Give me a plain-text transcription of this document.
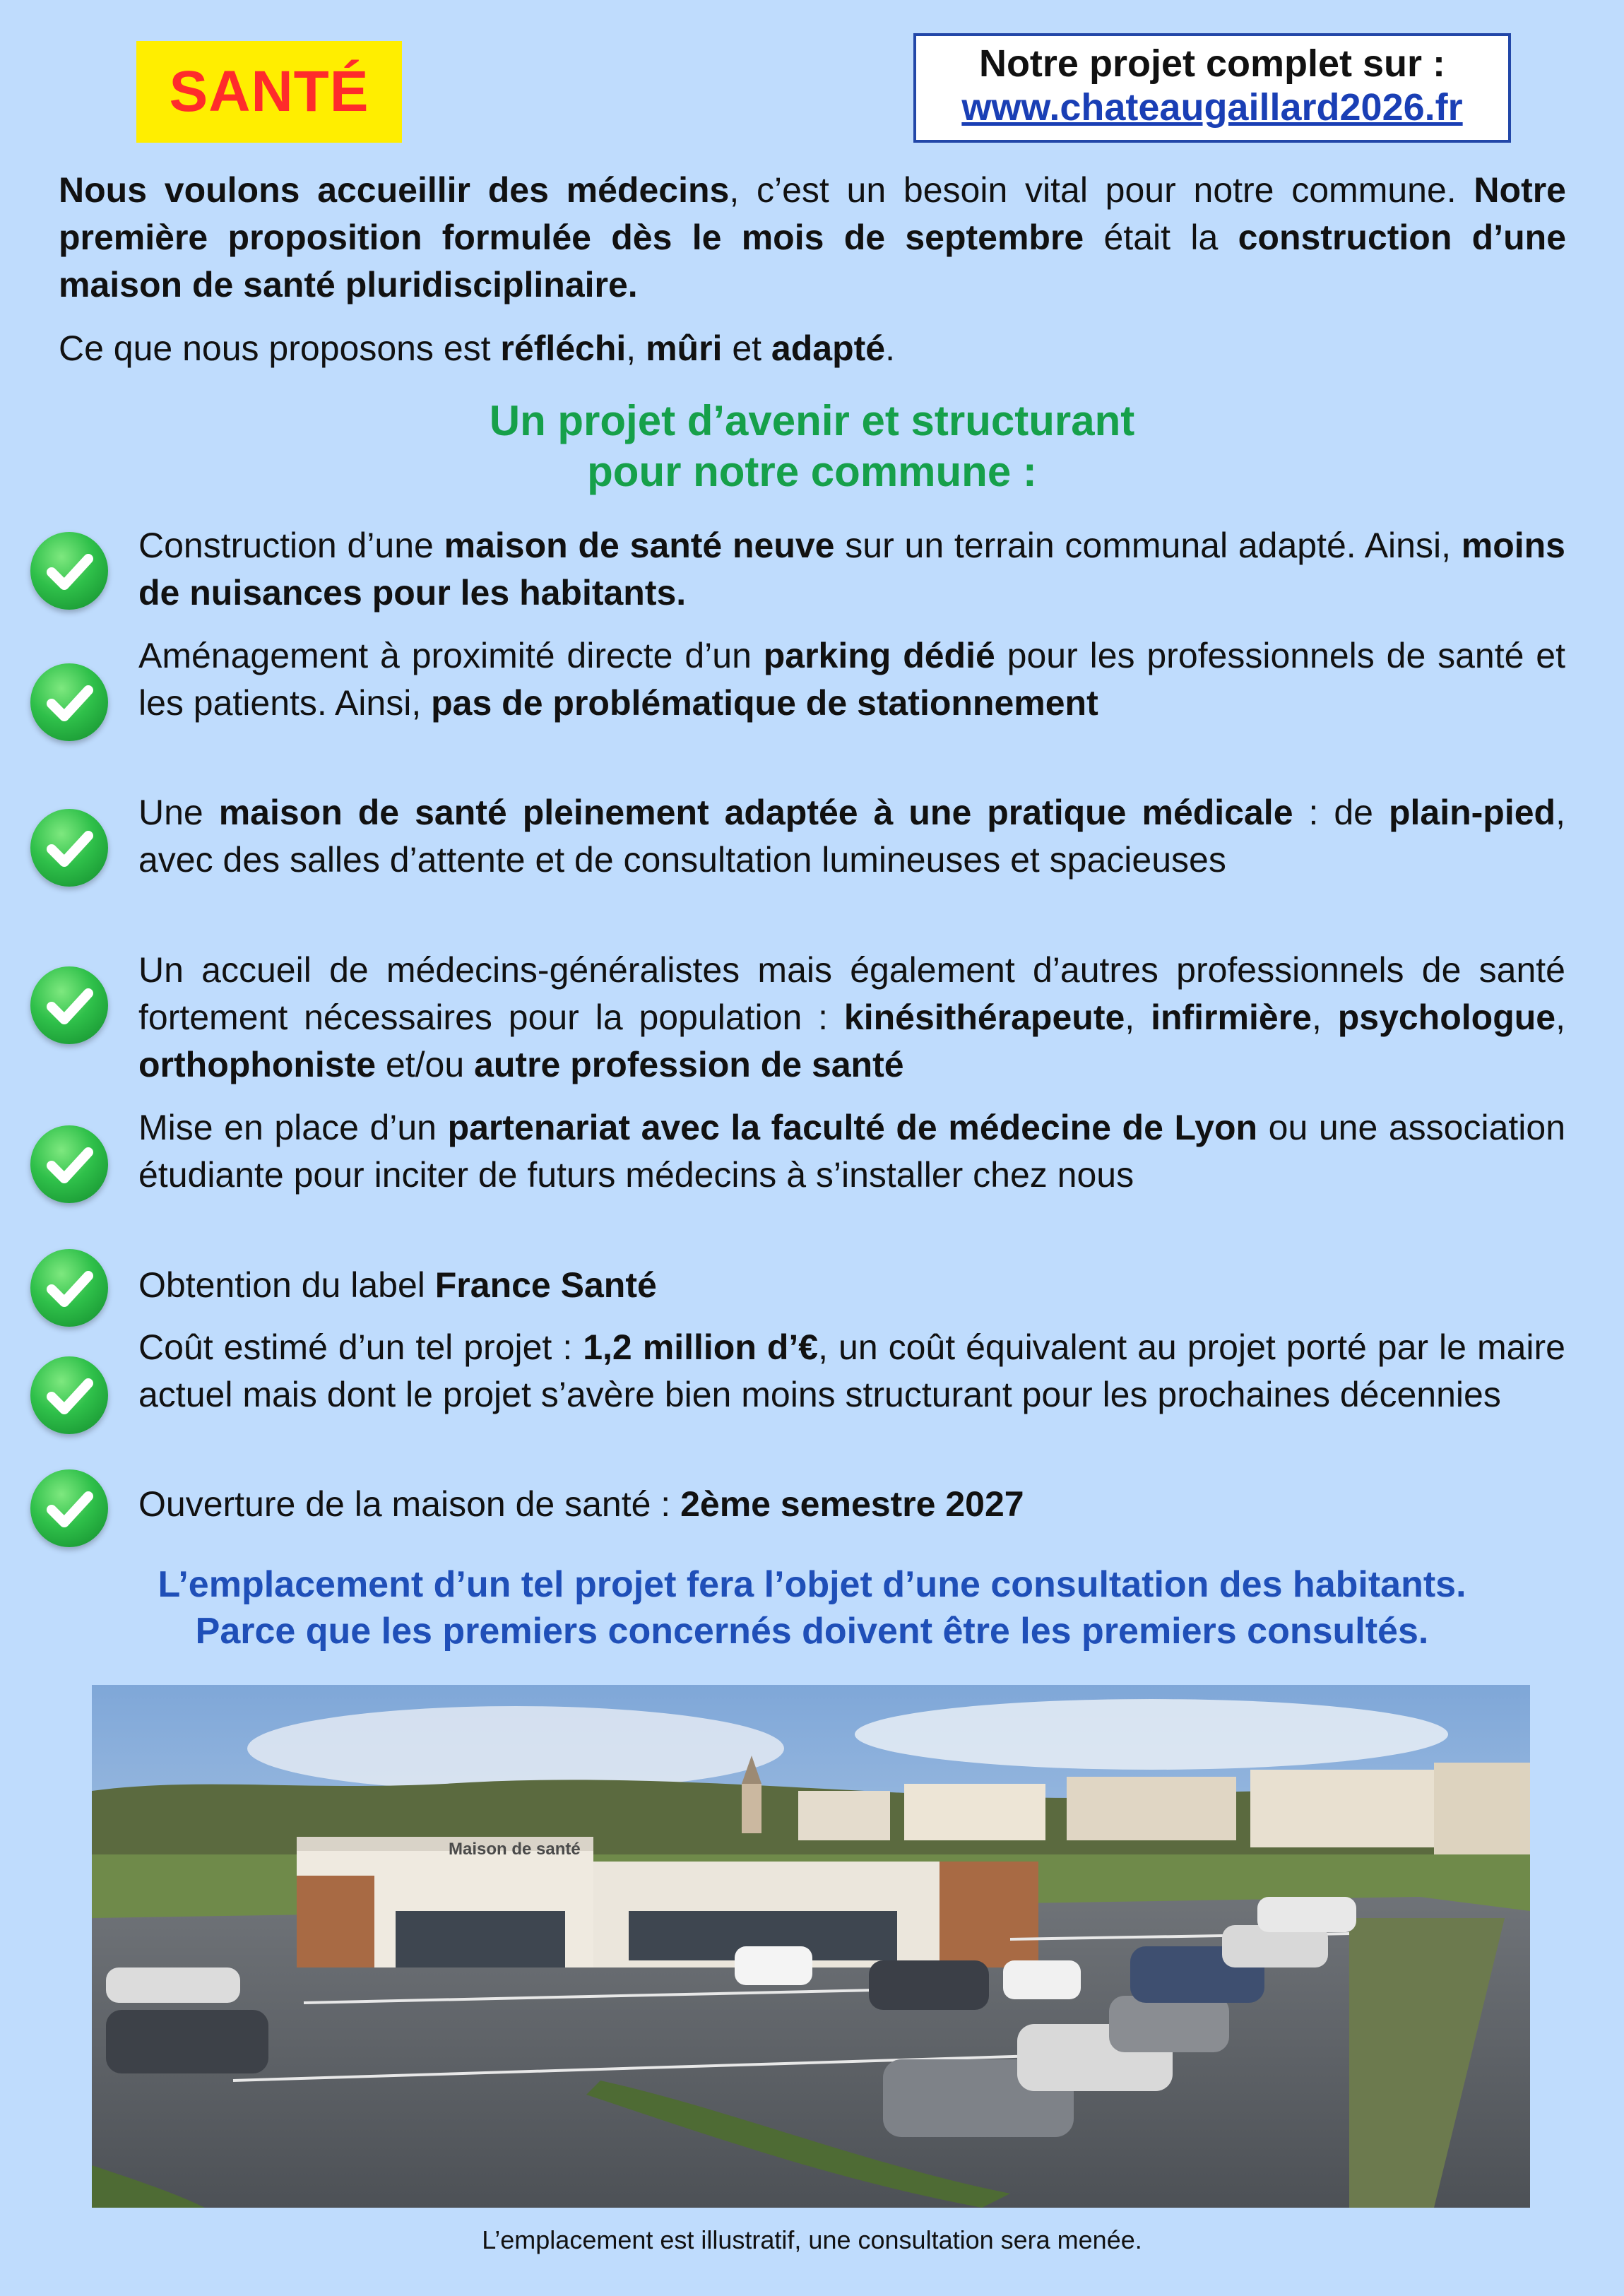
SANTÉ	Notre projet complet sur :
www.chateaugaillard2026.fr
Nous voulons accueillir des médecins, c’est un besoin vital pour notre commune. Notre première proposition formulée dès le mois de septembre était la construction d’une maison de santé pluridisciplinaire.
Ce que nous proposons est réfléchi, mûri et adapté.
Un projet d’avenir et structurant
pour notre commune :
Construction d’une maison de santé neuve sur un terrain communal adapté. Ainsi, moins de nuisances pour les habitants.
Aménagement à proximité directe d’un parking dédié pour les professionnels de santé et les patients. Ainsi, pas de problématique de stationnement
Une maison de santé pleinement adaptée à une pratique médicale : de plain-pied, avec des salles d’attente et de consultation lumineuses et spacieuses
Un accueil de médecins-généralistes mais également d’autres professionnels de santé fortement nécessaires pour la population : kinésithérapeute, infirmière, psychologue, orthophoniste et/ou autre profession de santé
Mise en place d’un partenariat avec la faculté de médecine de Lyon ou une association étudiante pour inciter de futurs médecins à s’installer chez nous
Obtention du label France Santé
Coût estimé d’un tel projet : 1,2 million d’€, un coût équivalent au projet porté par le maire actuel mais dont le projet s’avère bien moins structurant pour les prochaines décennies
Ouverture de la maison de santé : 2ème semestre 2027
L’emplacement d’un tel projet fera l’objet d’une consultation des habitants.
Parce que les premiers concernés doivent être les premiers consultés.
Maison de santé
L’emplacement est illustratif, une consultation sera menée.
